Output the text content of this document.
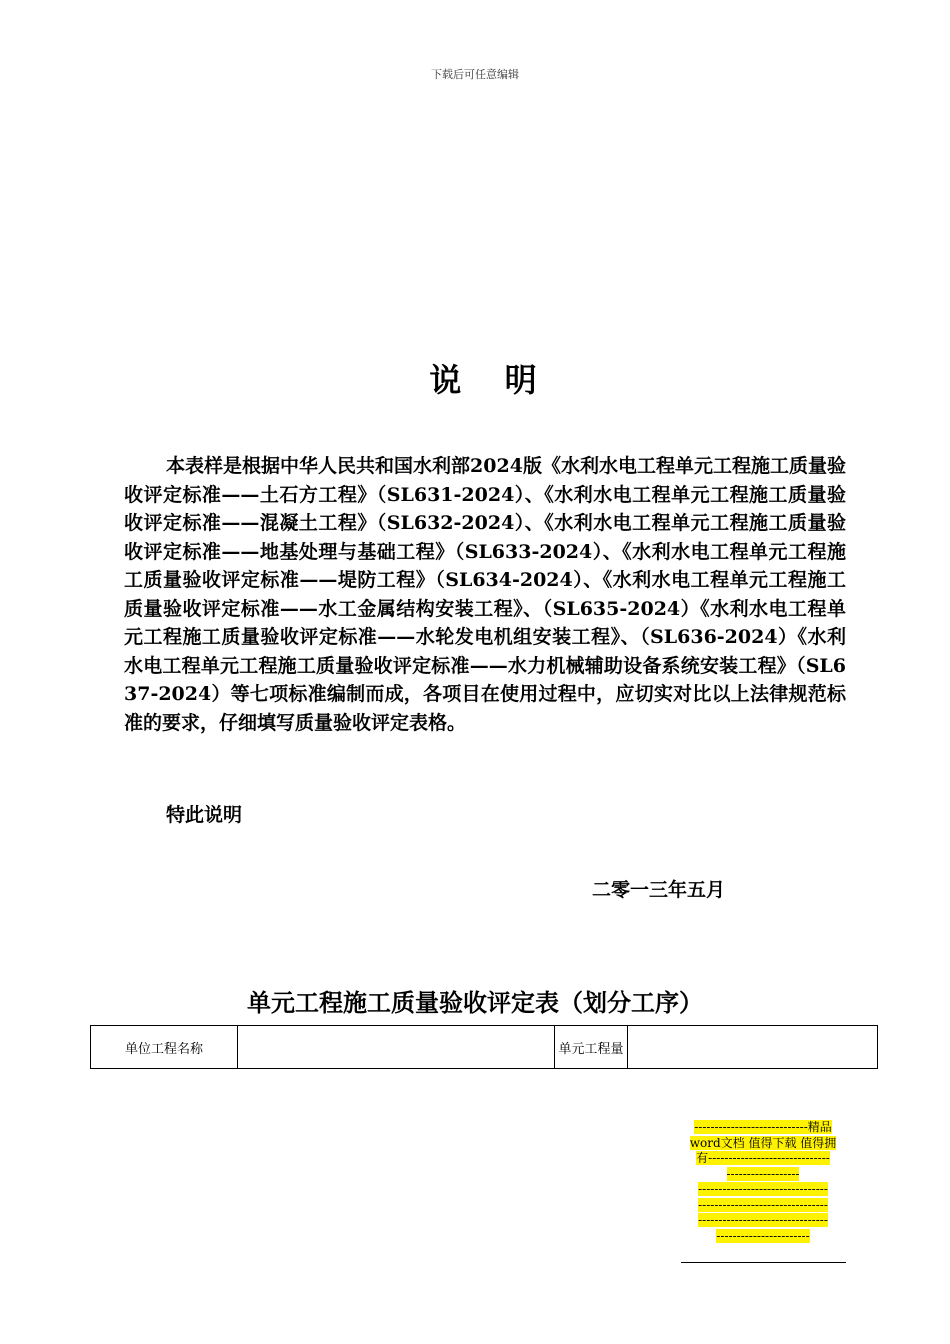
下载后可任意编辑
说 明
本表样是根据中华人民共和国水利部2024版《水利水电工程单元工程施工质量验收评定标准——土石方工程》（SL631-2024）、《水利水电工程单元工程施工质量验收评定标准——混凝土工程》（SL632-2024）、《水利水电工程单元工程施工质量验收评定标准——地基处理与基础工程》（SL633-2024）、《水利水电工程单元工程施工质量验收评定标准——堤防工程》（SL634-2024）、《水利水电工程单元工程施工质量验收评定标准——水工金属结构安装工程》、（SL635-2024）《水利水电工程单元工程施工质量验收评定标准——水轮发电机组安装工程》、（SL636-2024）《水利水电工程单元工程施工质量验收评定标准——水力机械辅助设备系统安装工程》（SL637-2024）等七项标准编制而成，各项目在使用过程中，应切实对比以上法律规范标准的要求，仔细填写质量验收评定表格。
特此说明
二零一三年五月
单元工程施工质量验收评定表（划分工序）
单位工程名称		单元工程量	
----------------------------精品
word文档 值得下载 值得拥
有------------------------------
------------------
--------------------------------
--------------------------------
--------------------------------
-----------------------
